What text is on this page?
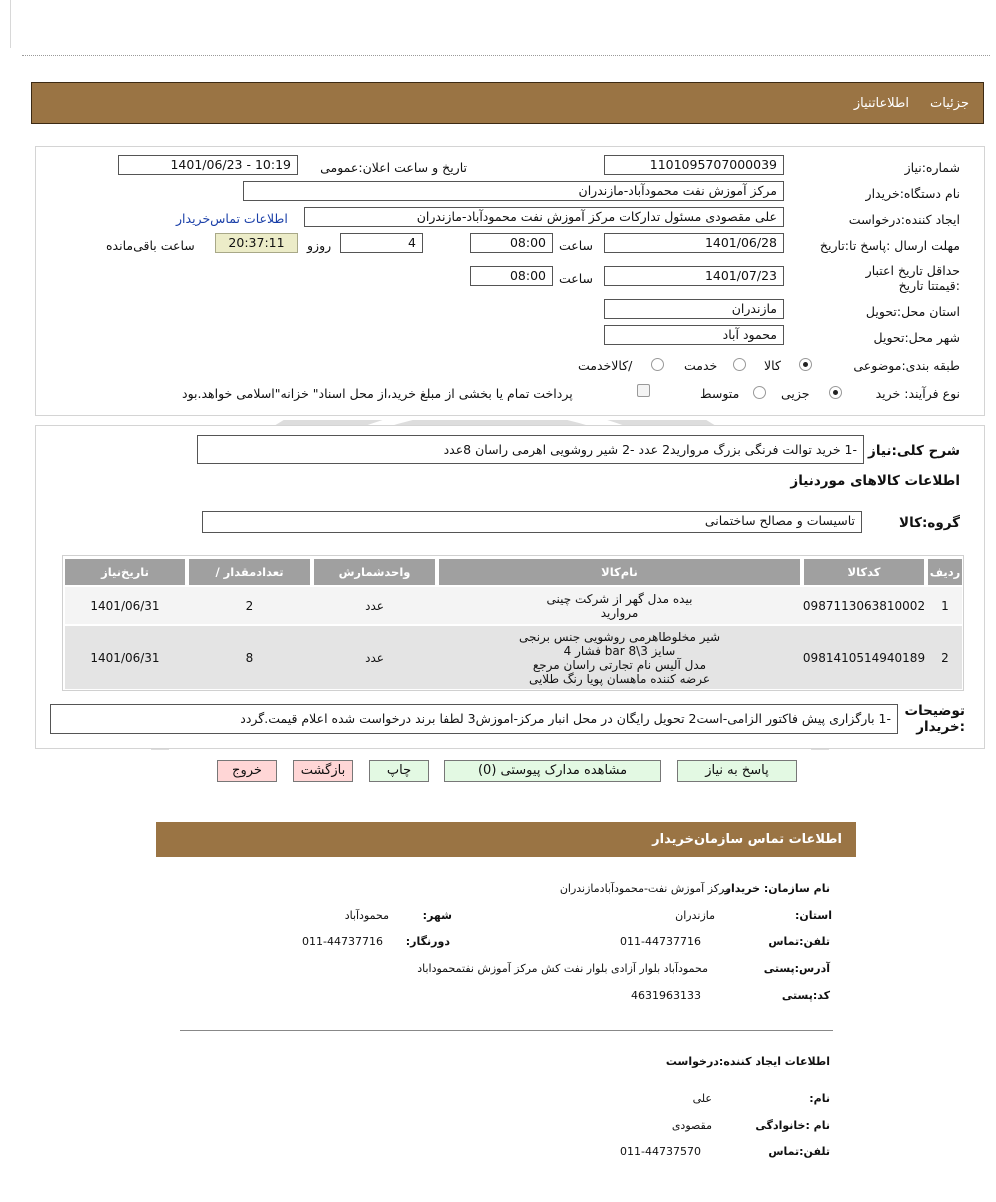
جزئیات
اطلاعاتنیاز
شماره:نیاز
1101095707000039
تاریخ و ساعت اعلان:عمومی
1401/06/23 - 10:19
نام دستگاه:خریدار
مرکز آموزش نفت محمودآباد-مازندران
ایجاد کننده:درخواست
علی مقصودی مسئول تدارکات مرکز آموزش نفت محمودآباد-مازندران
اطلاعات تماس‌خریدار
مهلت ارسال :پاسخ تا:تاریخ
1401/06/28
ساعت
08:00
4
روزو
20:37:11
ساعت باقی‌مانده
حداقل تاریخ اعتبار :قیمتتا تاریخ
1401/07/23
ساعت
08:00
استان محل:تحویل
مازندران
شهر محل:تحویل
محمود آباد
طبقه بندی:موضوعی
کالا
خدمت
/کالاخدمت
نوع فرآیند: خرید
جزیی
متوسط
پرداخت تمام یا بخشی از مبلغ خرید،از محل اسناد" خزانه"اسلامی خواهد.بود
شرح کلی:نیاز
-1 خرید توالت فرنگی بزرگ مروارید2 عدد -2 شیر روشویی اهرمی راسان 8عدد
اطلاعات کالاهای موردنیاز
گروه:کالا
تاسیسات و مصالح ساختمانی
ردیف
کدکالا
نام‌کالا
واحدشمارش
/ تعدادمقدار
تاریخ‌نیاز
1
0987113063810002
بیده مدل گهر از شرکت چینی
مروارید
عدد
2
1401/06/31
2
0981410514940189
شیر مخلوطاهرمی روشویی جنس برنجی
فشار 4 bar سایز 3\8
مدل آلیس نام تجارتی راسان مرجع
عرضه کننده ماهسان پویا رنگ طلایی
عدد
8
1401/06/31
توضیحات :خریدار
-1 بارگزاری پیش فاکتور الزامی-است2 تحویل رایگان در محل انبار مرکز-اموزش3 لطفا برند درخواست شده اعلام قیمت.گردد
پاسخ به نیاز
مشاهده مدارک پیوستی (0)
چاپ
بازگشت
خروج
اطلاعات تماس سازمان‌خریدار
نام سازمان: خریدار
مرکز آموزش نفت-محمودآبادمازندران
استان:
مازندران
شهر:
محمودآباد
تلفن:تماس
011-44737716
دورنگار:
011-44737716
آدرس:پستی
محمودآباد بلوار آزادی بلوار نفت کش مرکز آموزش نفتمحموداباد
کد:پستی
4631963133
اطلاعات ایجاد کننده:درخواست
نام:
علی
نام :خانوادگی
مقصودی
تلفن:تماس
011-44737570
